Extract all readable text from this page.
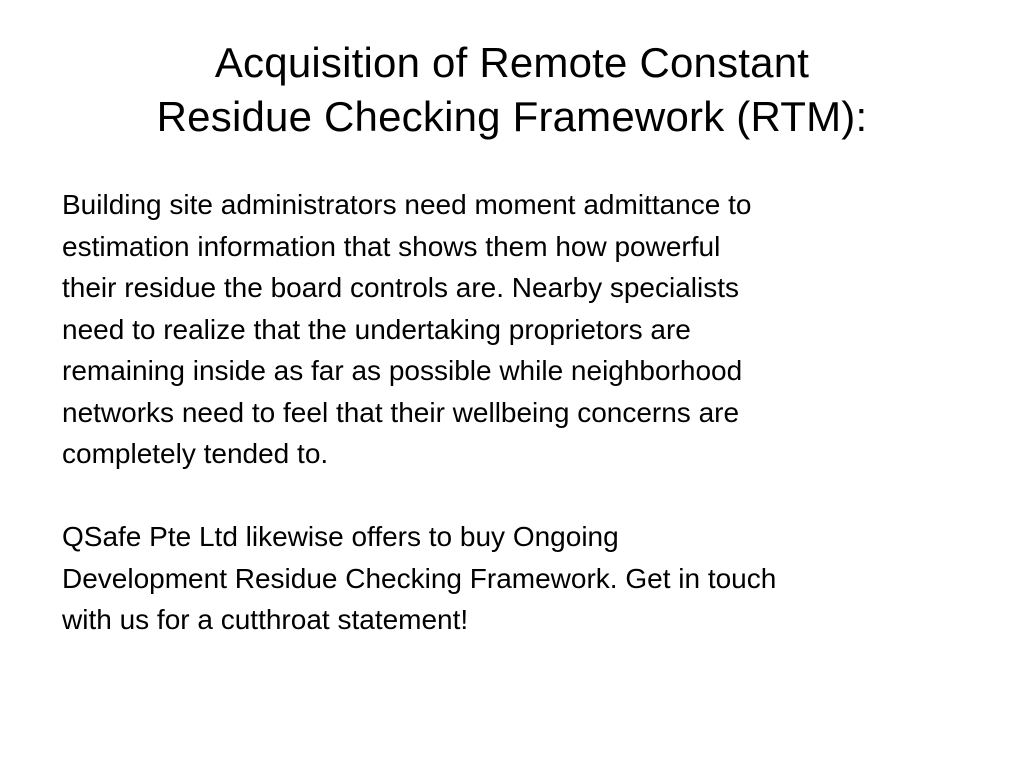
Acquisition of Remote Constant
Residue Checking Framework (RTM):

Building site administrators need moment admittance to
estimation information that shows them how powerful
their residue the board controls are. Nearby specialists
need to realize that the undertaking proprietors are
remaining inside as far as possible while neighborhood
networks need to feel that their wellbeing concerns are
completely tended to.

QSafe Pte Ltd likewise offers to buy Ongoing
Development Residue Checking Framework. Get in touch
with us for a cutthroat statement!
